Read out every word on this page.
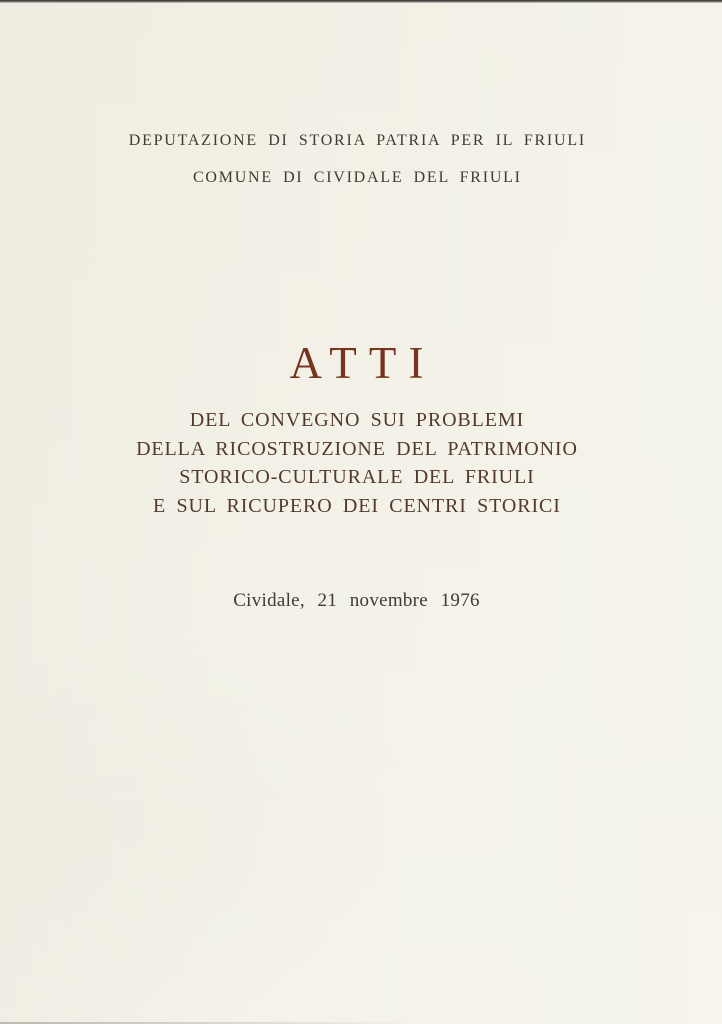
DEPUTAZIONE DI STORIA PATRIA PER IL FRIULI
COMUNE DI CIVIDALE DEL FRIULI
ATTI
DEL CONVEGNO SUI PROBLEMI
DELLA RICOSTRUZIONE DEL PATRIMONIO
STORICO-CULTURALE DEL FRIULI
E SUL RICUPERO DEI CENTRI STORICI
Cividale, 21 novembre 1976
